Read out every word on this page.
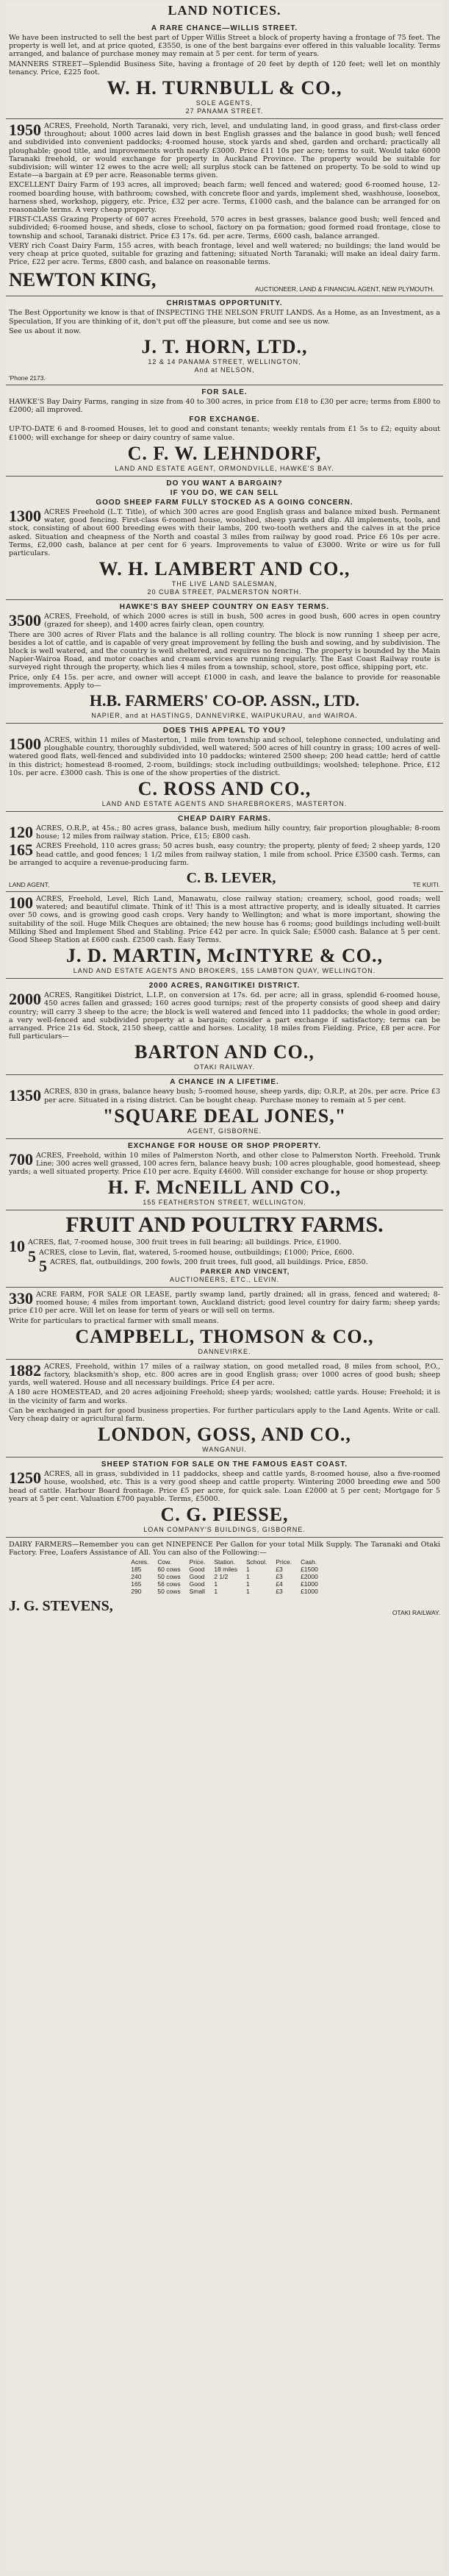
LAND NOTICES.
A RARE CHANCE—WILLIS STREET.
We have been instructed to sell the best part of Upper Willis Street a block of property having a frontage of 75 feet. The property is well let, and at price quoted, £3550, is one of the best bargains ever offered in this valuable locality. Terms arranged, and balance of purchase money may remain at 5 per cent. for term of years.
MANNERS STREET—Splendid Business Site, having a frontage of 20 feet by depth of 120 feet; well let on monthly tenancy. Price, £225 foot.
W. H. TURNBULL & CO.,
SOLE AGENTS,
27 PANAMA STREET.
1950 ACRES, Freehold, North Taranaki, very rich, level, and undulating land, in good grass, and first-class order throughout; about 1000 acres laid down in best English grasses and the balance in good bush; well fenced and subdivided into convenient paddocks; 4-roomed house, stock yards and shed, garden and orchard; practically all ploughable; good title, and improvements worth nearly £3000. Price £11 10s per acre; terms to suit. Would take 6000 Taranaki freehold, or would exchange for property in Auckland Province. The property would be suitable for subdivision; will winter 12 ewes to the acre well; all surplus stock can be fattened on property. To be sold to wind up Estate—a bargain at £9 per acre. Reasonable terms given.
EXCELLENT Dairy Farm of 193 acres, all improved; beach farm; well fenced and watered; good 6-roomed house, 12-roomed boarding house, with bathroom; cowshed, with concrete floor and yards, implement shed, washhouse, loosebox, harness shed, workshop, piggery, etc. Price, £32 per acre. Terms, £1000 cash, and the balance can be arranged for on reasonable terms. A very cheap property.
FIRST-CLASS Grazing Property of 607 acres Freehold, 570 acres in best grasses, balance good bush; well fenced and subdivided; 6-roomed house, and sheds, close to school, factory on pa formation; good formed road frontage, close to township and school, Taranaki district. Price £3 17s. 6d. per acre. Terms, £600 cash, balance arranged.
VERY rich Coast Dairy Farm, 155 acres, with beach frontage, level and well watered; no buildings; the land would be very cheap at price quoted, suitable for grazing and fattening; situated North Taranaki; will make an ideal dairy farm. Price, £22 per acre. Terms, £800 cash, and balance on reasonable terms.
NEWTON KING,	AUCTIONEER, LAND & FINANCIAL AGENT, NEW PLYMOUTH.
CHRISTMAS OPPORTUNITY.
The Best Opportunity we know is that of INSPECTING THE NELSON FRUIT LANDS. As a Home, as an Investment, as a Speculation, If you are thinking of it, don't put off the pleasure, but come and see us now.
See us about it now.
J. T. HORN, LTD.,
12 & 14 PANAMA STREET, WELLINGTON,
And at NELSON,
'Phone 2173.
FOR SALE.
HAWKE'S Bay Dairy Farms, ranging in size from 40 to 300 acres, in price from £18 to £30 per acre; terms from £800 to £2000; all improved.
FOR EXCHANGE.
UP-TO-DATE 6 and 8-roomed Houses, let to good and constant tenants; weekly rentals from £1 5s to £2; equity about £1000; will exchange for sheep or dairy country of same value.
C. F. W. LEHNDORF,
LAND AND ESTATE AGENT, ORMONDVILLE, HAWKE'S BAY.
DO YOU WANT A BARGAIN?
IF YOU DO, WE CAN SELL
GOOD SHEEP FARM FULLY STOCKED AS A GOING CONCERN.
1300 ACRES Freehold (L.T. Title), of which 300 acres are good English grass and balance mixed bush. Permanent water, good fencing. First-class 6-roomed house, woolshed, sheep yards and dip. All implements, tools, and stock, consisting of about 600 breeding ewes with their lambs, 200 two-tooth wethers and the calves in at the price asked. Situation and cheapness of the North and coastal 3 miles from railway by good road. Price £6 10s per acre. Terms, £2,000 cash, balance at per cent for 6 years. Improvements to value of £3000. Write or wire us for full particulars.
W. H. LAMBERT AND CO.,
THE LIVE LAND SALESMAN,
20 CUBA STREET, PALMERSTON NORTH.
HAWKE'S BAY SHEEP COUNTRY ON EASY TERMS.
3500 ACRES, Freehold, of which 2000 acres is still in bush, 500 acres in good bush, 600 acres in open country (grazed for sheep), and 1400 acres fairly clean, open country.
There are 300 acres of River Flats and the balance is all rolling country. The block is now running 1 sheep per acre, besides a lot of cattle, and is capable of very great improvement by felling the bush and sowing, and by subdivision. The block is well watered, and the country is well sheltered, and requires no fencing. The property is bounded by the Main Napier-Wairoa Road, and motor coaches and cream services are running regularly. The East Coast Railway route is surveyed right through the property, which lies 4 miles from a township, school, store, post office, shipping port, etc.
Price, only £4 15s. per acre, and owner will accept £1000 in cash, and leave the balance to provide for reasonable improvements. Apply to—
H.B. FARMERS' CO-OP. ASSN., LTD.
NAPIER, and at HASTINGS, DANNEVIRKE, WAIPUKURAU, and WAIROA.
DOES THIS APPEAL TO YOU?
1500 ACRES, within 11 miles of Masterton, 1 mile from township and school, telephone connected, undulating and ploughable country, thoroughly subdivided, well watered; 500 acres of hill country in grass; 100 acres of well-watered good flats, well-fenced and subdivided into 10 paddocks; wintered 2500 sheep; 200 head cattle; herd of cattle in this district; homestead 8-roomed, 2-room, buildings; stock including outbuildings; woolshed; telephone. Price, £12 10s. per acre. £3000 cash. This is one of the show properties of the district.
C. ROSS AND CO.,
LAND AND ESTATE AGENTS AND SHAREBROKERS, MASTERTON.
CHEAP DAIRY FARMS.
120 ACRES, O.R.P., at 45s.; 80 acres grass, balance bush, medium hilly country, fair proportion ploughable; 8-room house; 12 miles from railway station. Price, £15; £800 cash.
165 ACRES Freehold, 110 acres grass; 50 acres bush, easy country; the property, plenty of feed; 2 sheep yards, 120 head cattle, and good fences; 1 1/2 miles from railway station, 1 mile from school. Price £3500 cash. Terms, can be arranged to acquire a revenue-producing farm.
LAND AGENT,	C. B. LEVER,	TE KUITI.
100 ACRES, Freehold, Level, Rich Land, Manawatu, close railway station; creamery, school, good roads; well watered; and beautiful climate. Think of it! This is a most attractive property, and is ideally situated. It carries over 50 cows, and is growing good cash crops. Very handy to Wellington; and what is more important, showing the suitability of the soil. Huge Milk Cheques are obtained; the new house has 6 rooms; good buildings including well-built Milking Shed and Implement Shed and Stabling. Price £42 per acre. In quick Sale; £5000 cash. Balance at 5 per cent. Good Sheep Station at £600 cash. £2500 cash. Easy Terms.
J. D. MARTIN, McINTYRE & CO.,
LAND AND ESTATE AGENTS AND BROKERS, 155 LAMBTON QUAY, WELLINGTON.
2000 ACRES, RANGITIKEI DISTRICT.
2000 ACRES, Rangitikei District, L.I.P., on conversion at 17s. 6d. per acre; all in grass, splendid 6-roomed house, 450 acres fallen and grassed; 160 acres good turnips; rest of the property consists of good sheep and dairy country; will carry 3 sheep to the acre; the block is well watered and fenced into 11 paddocks; the whole in good order; a very well-fenced and subdivided property at a bargain; consider a part exchange if satisfactory; terms can be arranged. Price 21s 6d. Stock, 2150 sheep, cattle and horses. Locality, 18 miles from Fielding. Price, £8 per acre. For full particulars—
BARTON AND CO.,
OTAKI RAILWAY.
A CHANCE IN A LIFETIME.
1350 ACRES, 830 in grass, balance heavy bush; 5-roomed house, sheep yards, dip; O.R.P., at 20s. per acre. Price £3 per acre. Situated in a rising district. Can be bought cheap. Purchase money to remain at 5 per cent.
"SQUARE DEAL JONES,"
AGENT, GISBORNE.
EXCHANGE FOR HOUSE OR SHOP PROPERTY.
700 ACRES, Freehold, within 10 miles of Palmerston North, and other close to Palmerston North. Freehold. Trunk Line; 300 acres well grassed, 100 acres fern, balance heavy bush; 100 acres ploughable, good homestead, sheep yards; a well situated property. Price £10 per acre. Equity £4600. Will consider exchange for house or shop property.
H. F. McNEILL AND CO.,
155 FEATHERSTON STREET, WELLINGTON.
FRUIT AND POULTRY FARMS.
10 ACRES, flat, 7-roomed house, 300 fruit trees in full bearing; all buildings. Price, £1900.
5 ACRES, close to Levin, flat, watered, 5-roomed house, outbuildings; £1000; Price, £600.
5 ACRES, flat, outbuildings, 200 fowls, 200 fruit trees, full good, all buildings. Price, £850.
PARKER AND VINCENT,
AUCTIONEERS, ETC., LEVIN.
330 ACRE FARM, FOR SALE OR LEASE, partly swamp land, partly drained; all in grass, fenced and watered; 8-roomed house; 4 miles from important town, Auckland district; good level country for dairy farm; sheep yards; price £10 per acre. Will let on lease for term of years or will sell on terms.
Write for particulars to practical farmer with small means.
CAMPBELL, THOMSON & CO.,
DANNEVIRKE.
1882 ACRES, Freehold, within 17 miles of a railway station, on good metalled road, 8 miles from school, P.O., factory, blacksmith's shop, etc. 800 acres are in good English grass; over 1000 acres of good bush; sheep yards, well watered. House and all necessary buildings. Price £4 per acre.
A 180 acre HOMESTEAD, and 20 acres adjoining Freehold; sheep yards; woolshed; cattle yards. House; Freehold; it is in the vicinity of farm and works.
Can be exchanged in part for good business properties. For further particulars apply to the Land Agents. Write or call. Very cheap dairy or agricultural farm.
LONDON, GOSS, AND CO.,
WANGANUI.
SHEEP STATION FOR SALE ON THE FAMOUS EAST COAST.
1250 ACRES, all in grass, subdivided in 11 paddocks, sheep and cattle yards, 8-roomed house, also a five-roomed house, woolshed, etc. This is a very good sheep and cattle property. Wintering 2000 breeding ewe and 500 head of cattle. Harbour Board frontage. Price £5 per acre, for quick sale. Loan £2000 at 5 per cent; Mortgage for 5 years at 5 per cent. Valuation £700 payable. Terms, £5000.
C. G. PIESSE,
LOAN COMPANY'S BUILDINGS, GISBORNE.
DAIRY FARMERS—Remember you can get NINEPENCE Per Gallon for your total Milk Supply. The Taranaki and Otaki Factory. Free, Loafers Assistance of All. You can also of the Following:—
Acres.	Cow.	Price.	Station.	School.	Price.	Cash.
185	60 cows	Good	18 miles	1	£3	£1500
240	50 cows	Good	2 1/2	1	£3	£2000
165	56 cows	Good	1	1	£4	£1000
290	50 cows	Small	1	1	£3	£1000
J. G. STEVENS,	OTAKI RAILWAY.
